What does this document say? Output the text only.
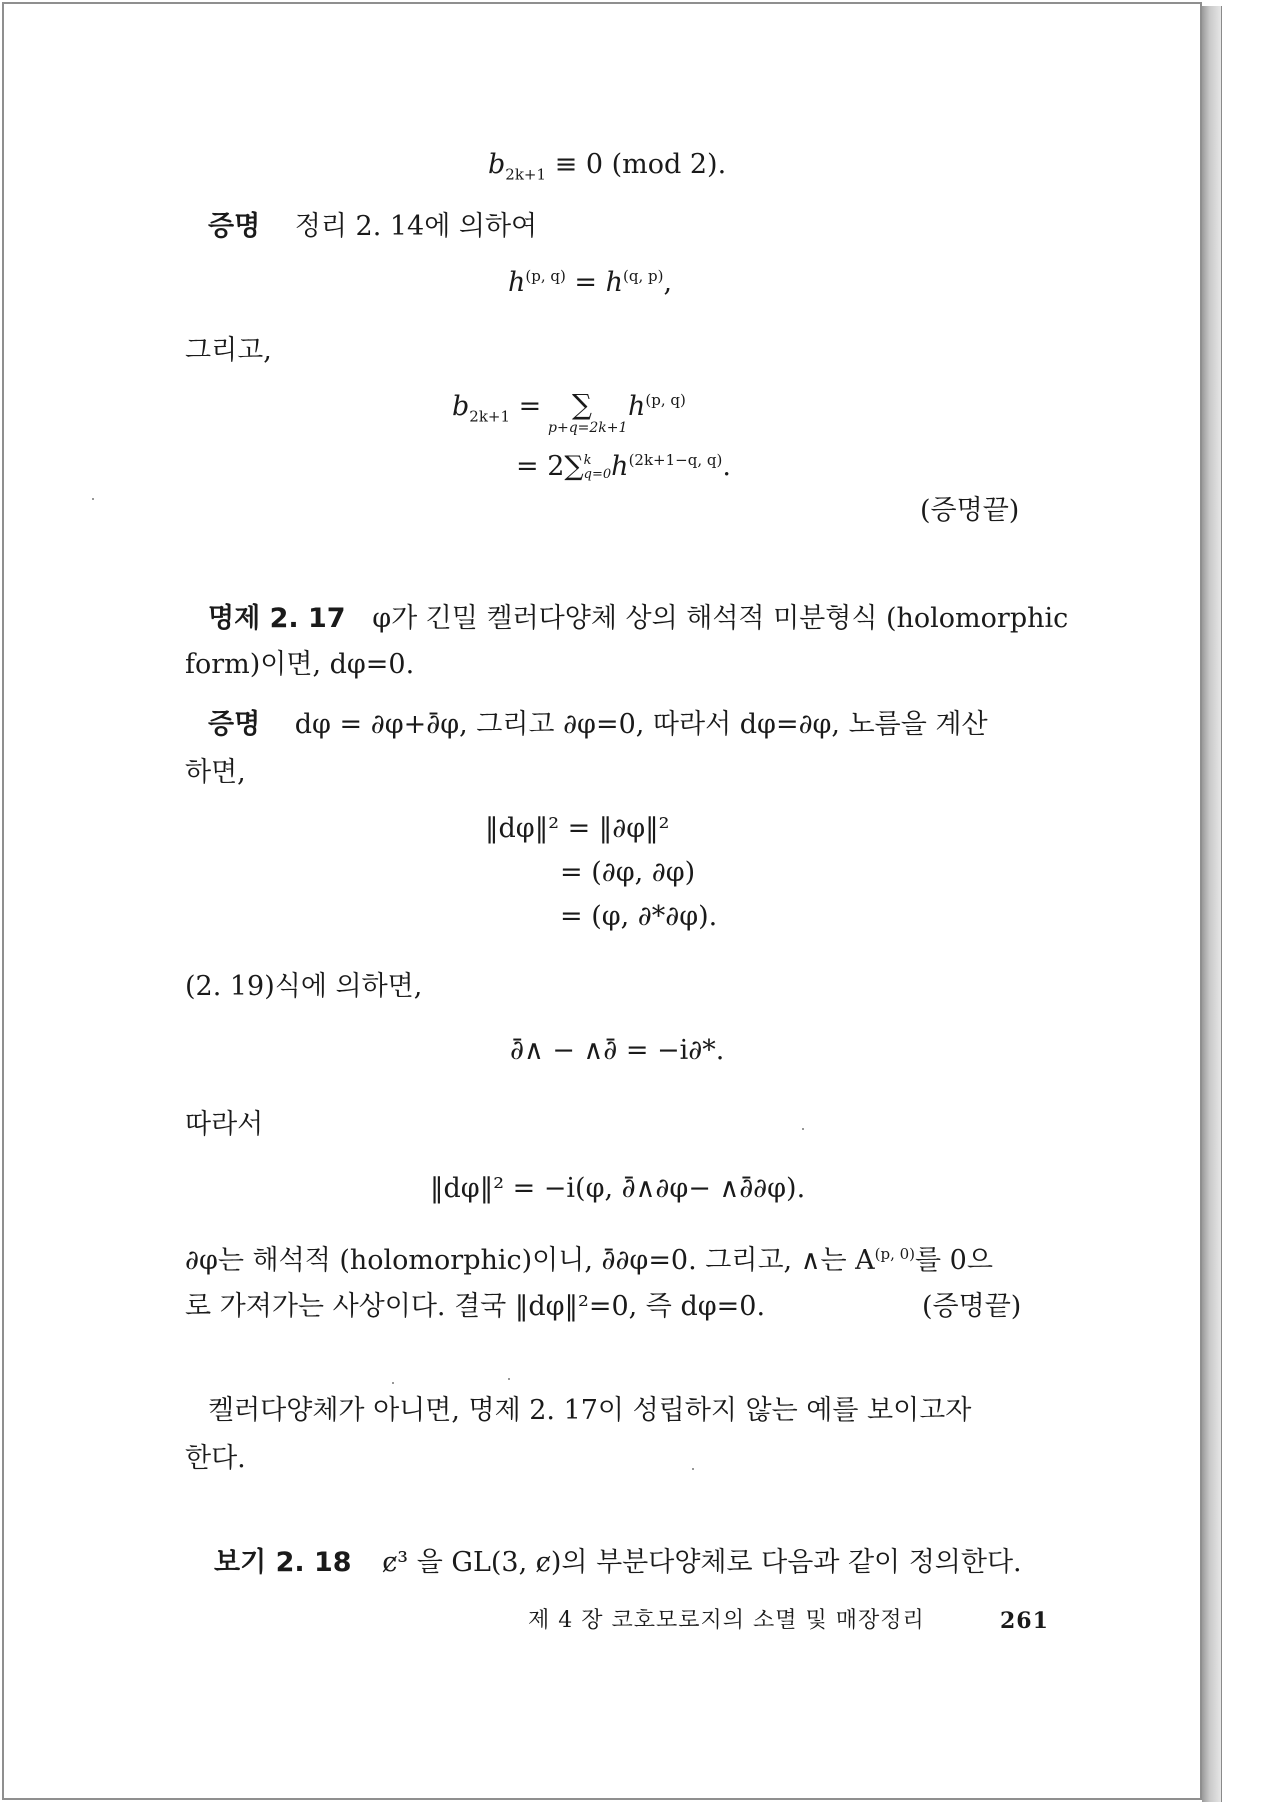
$b_{2k+1} \equiv 0$ (mod 2).
증명 정리 2. 14에 의하여
$h^{(p, q)} = h^{(q, p)}$,
그리고,
$b_{2k+1}$ = ∑
p+q=2k+1
$h^{(p, q)}$
= 2∑ k
q=0 $h^{(2k+1-q, q)}$.
(증명끝)
명제 2. 17 φ가 긴밀 켈러다양체 상의 해석적 미분형식 (holomorphic
form)이면, dφ=0.
증명 dφ = ∂φ+∂̄φ, 그리고 ∂φ=0, 따라서 dφ=∂φ, 노름을 계산
하면,
‖dφ‖² = ‖∂φ‖²
= (∂φ, ∂φ)
= (φ, ∂*∂φ).
(2. 19)식에 의하면,
∂̄∧ − ∧∂̄ = −i∂*.
따라서
‖dφ‖² = −i(φ, ∂̄∧∂φ− ∧∂̄∂φ).
∂φ는 해석적 (holomorphic)이니, ∂̄∂φ=0. 그리고, ∧는 A$^{(p, 0)}$를 0으
로 가져가는 사상이다. 결국 ‖dφ‖²=0, 즉 dφ=0.	(증명끝)
켈러다양체가 아니면, 명제 2. 17이 성립하지 않는 예를 보이고자
한다.
보기 2. 18 ȼ³ 을 GL(3, ȼ)의 부분다양체로 다음과 같이 정의한다.
제 4 장 코호모로지의 소멸 및 매장정리	261
